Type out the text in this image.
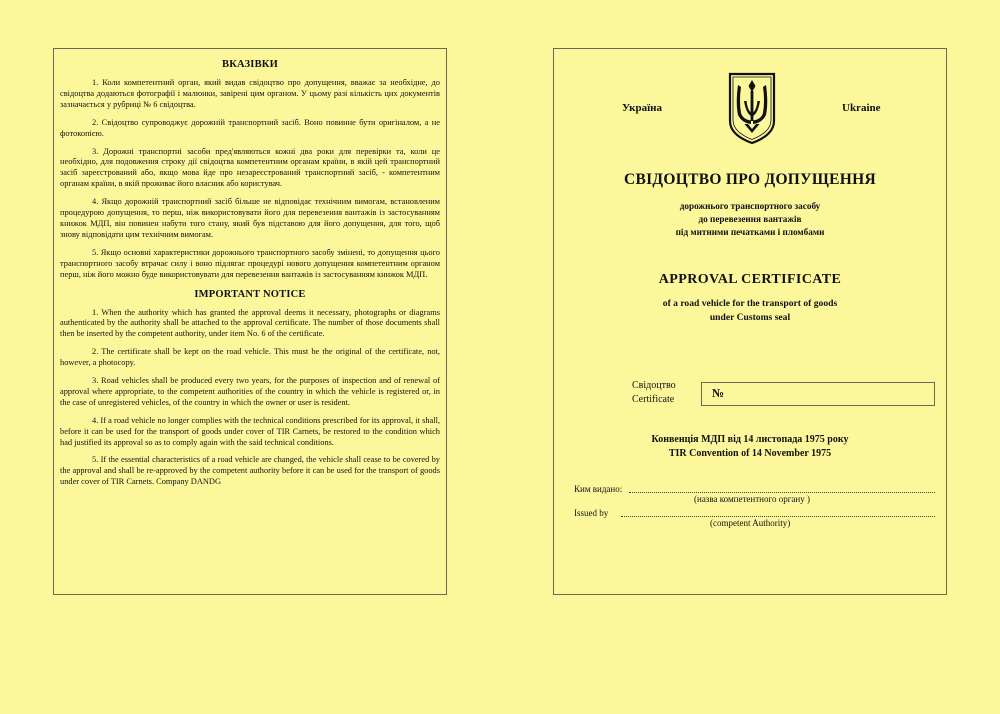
ВКАЗІВКИ

1. Коли компетентний орган, який видав свідоцтво про допущення, вважає за необхідне, до свідоцтва додаються фотографії і малюнки, завірені цим органом. У цьому разі кількість цих документів зазначається у рубриці № 6 свідоцтва.

2. Свідоцтво супроводжує дорожній транспортний засіб. Воно повинне бути оригіналом, а не фотокопією.

3. Дорожні транспортні засоби пред'являються кожні два роки для перевірки та, коли це необхідно, для подовження строку дії свідоцтва компетентним органам країни, в якій цей транспортний засіб зареєстрований або, якщо мова йде про незареєстрований транспортний засіб, - компетентним органам країни, в якій проживає його власник або користувач.

4. Якщо дорожній транспортний засіб більше не відповідає технічним вимогам, встановленим процедурою допущення, то перш, ніж використовувати його для перевезення вантажів із застосуванням книжок МДП, він повинен набути того стану, який був підставою для його допущення, для того, щоб знову відповідати цим технічним вимогам.

5. Якщо основні характеристики дорожнього транспортного засобу змінені, то допущення цього транспортного засобу втрачає силу і воно підлягає процедурі нового допущення компетентним органом перш, ніж його можно буде використовувати для перевезення вантажів із застосуванням книжок МДП.

IMPORTANT NOTICE

1. When the authority which has granted the approval deems it necessary, photographs or diagrams authenticated by the authority shall be attached to the approval certificate. The number of those documents shall then be inserted by the competent authority, under item No. 6 of the certificate.

2. The certificate shall be kept on the road vehicle. This must be the original of the certificate, not, however, a photocopy.

3. Road vehicles shall be produced every two years, for the purposes of inspection and of renewal of approval where appropriate, to the competent authorities of the country in which the vehicle is registered or, in the case of unregistered vehicles, of the country in which the owner or user is resident.

4. If a road vehicle no longer complies with the technical conditions prescribed for its approval, it shall, before it can be used for the transport of goods under cover of TIR Carnets, be restored to the condition which had justified its approval so as to comply again with the said technical conditions.

5. If the essential characteristics of a road vehicle are changed, the vehicle shall cease to be covered by the approval and shall be re-approved by the competent authority before it can be used for the transport of goods under cover of TIR Carnets. Company DANDG

Україна	Ukraine
СВІДОЦТВО ПРО ДОПУЩЕННЯ
дорожнього транспортного засобу
до перевезення вантажів
під митними печатками і пломбами
APPROVAL CERTIFICATE
of a road vehicle for the transport of goods
under Customs seal
Свідоцтво
Certificate	№
Конвенція МДП від 14 листопада 1975 року
TIR Convention of 14 November 1975
Ким видано:
(назва компетентного органу )
Issued by
(competent Authority)
